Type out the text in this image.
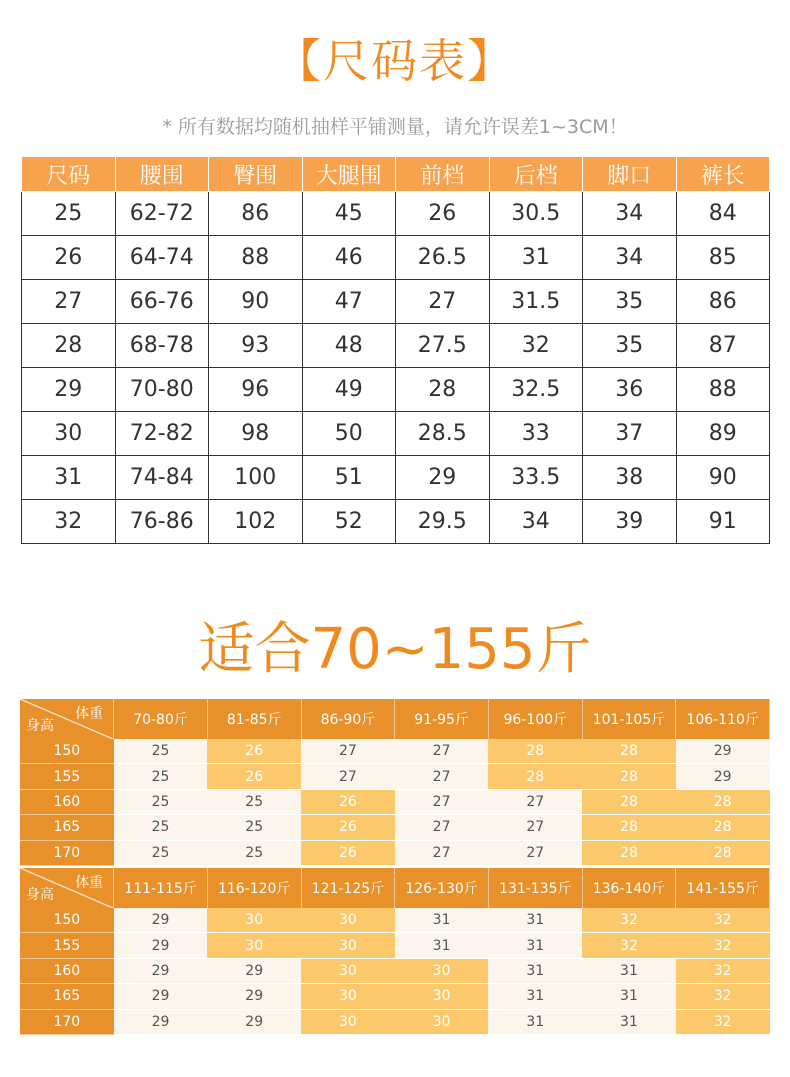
【尺码表】
* 所有数据均随机抽样平铺测量，请允许误差1~3CM！
尺码	腰围	臀围	大腿围	前档	后档	脚口	裤长
25	62-72	86	45	26	30.5	34	84
26	64-74	88	46	26.5	31	34	85
27	66-76	90	47	27	31.5	35	86
28	68-78	93	48	27.5	32	35	87
29	70-80	96	49	28	32.5	36	88
30	72-82	98	50	28.5	33	37	89
31	74-84	100	51	29	33.5	38	90
32	76-86	102	52	29.5	34	39	91
适合70~155斤
体重
身高	70-80斤	81-85斤	86-90斤	91-95斤	96-100斤	101-105斤	106-110斤
150	25	26	27	27	28	28	29
155	25	26	27	27	28	28	29
160	25	25	26	27	27	28	28
165	25	25	26	27	27	28	28
170	25	25	26	27	27	28	28
体重
身高	111-115斤	116-120斤	121-125斤	126-130斤	131-135斤	136-140斤	141-155斤
150	29	30	30	31	31	32	32
155	29	30	30	31	31	32	32
160	29	29	30	30	31	31	32
165	29	29	30	30	31	31	32
170	29	29	30	30	31	31	32
